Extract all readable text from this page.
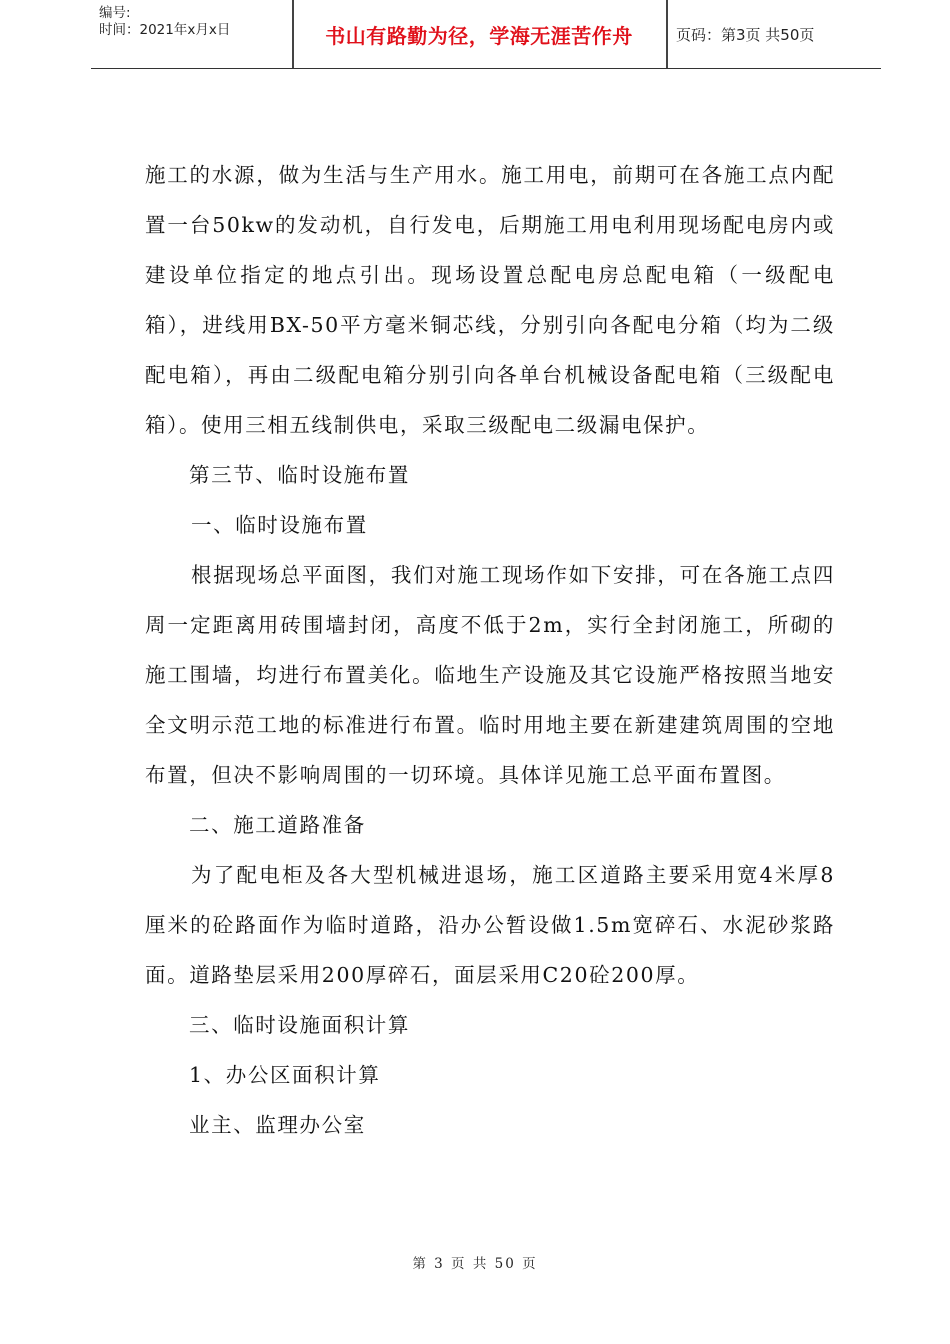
编号:
时间：2021年x月x日	书山有路勤为径，学海无涯苦作舟	页码：第3页 共50页

施工的水源，做为生活与生产用水。施工用电，前期可在各施工点内配置一台50kw的发动机，自行发电，后期施工用电利用现场配电房内或建设单位指定的地点引出。现场设置总配电房总配电箱（一级配电箱），进线用BX-50平方毫米铜芯线，分别引向各配电分箱（均为二级配电箱），再由二级配电箱分别引向各单台机械设备配电箱（三级配电箱）。使用三相五线制供电，采取三级配电二级漏电保护。

第三节、临时设施布置

一、临时设施布置

根据现场总平面图，我们对施工现场作如下安排，可在各施工点四周一定距离用砖围墙封闭，高度不低于2m，实行全封闭施工，所砌的施工围墙，均进行布置美化。临地生产设施及其它设施严格按照当地安全文明示范工地的标准进行布置。临时用地主要在新建建筑周围的空地布置，但决不影响周围的一切环境。具体详见施工总平面布置图。

二、施工道路准备

为了配电柜及各大型机械进退场，施工区道路主要采用宽4米厚8厘米的砼路面作为临时道路，沿办公暂设做1.5m宽碎石、水泥砂浆路面。道路垫层采用200厚碎石，面层采用C20砼200厚。

三、临时设施面积计算

1、办公区面积计算

业主、监理办公室

第 3 页 共 50 页
